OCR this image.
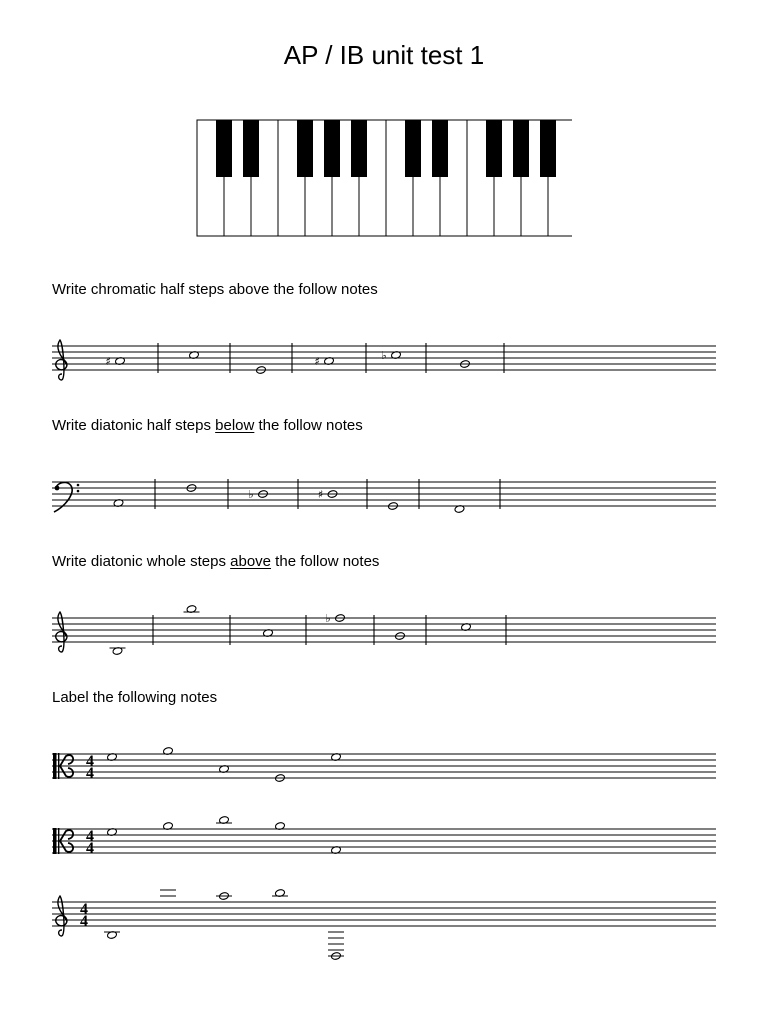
AP / IB unit test 1
Write chromatic half steps above the follow notes
♯	♯	♭
Write diatonic half steps below the follow notes
♭	♯
Write diatonic whole steps above the follow notes
♭
Label the following notes
4
4
4
4
4
4
